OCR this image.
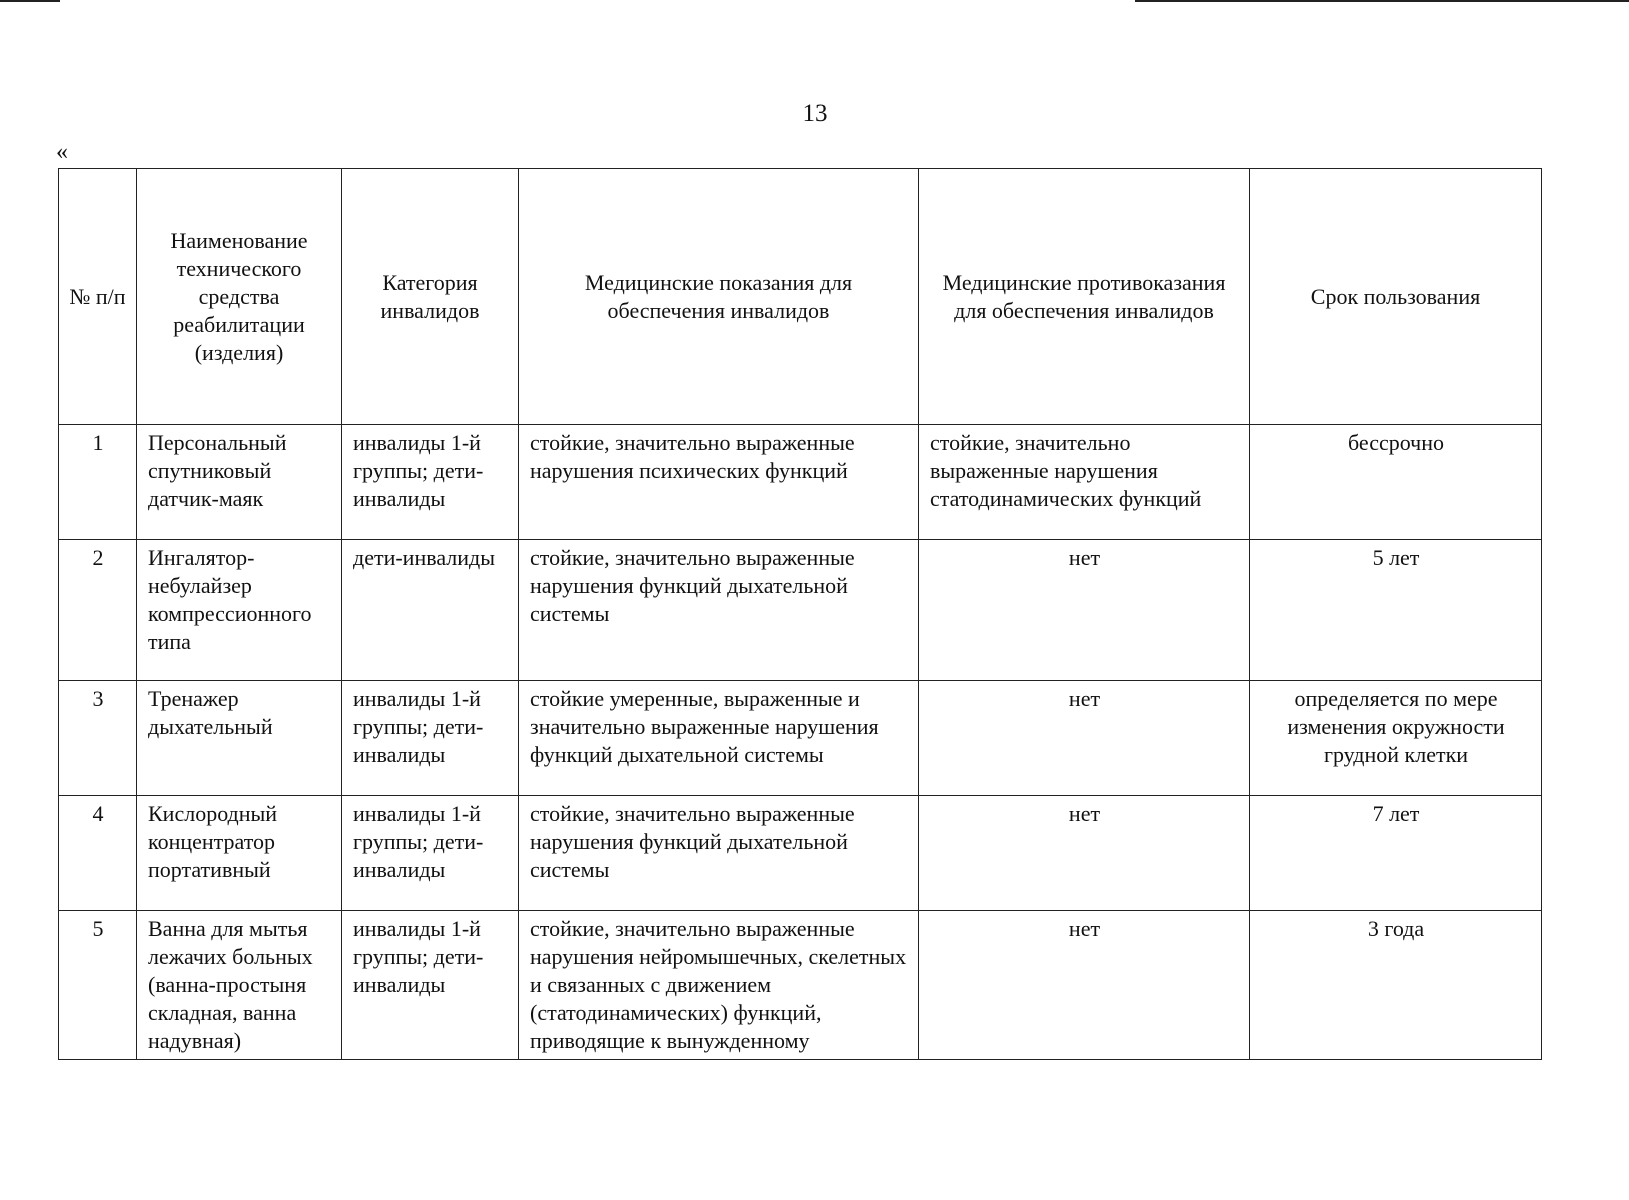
13
«
№ п/п	Наименование технического средства реабилитации (изделия)	Категория инвалидов	Медицинские показания для обеспечения инвалидов	Медицинские противоказания для обеспечения инвалидов	Срок пользования
1	Персональный спутниковый датчик-маяк	инвалиды 1-й группы; дети-инвалиды	стойкие, значительно выраженные нарушения психических функций	стойкие, значительно выраженные нарушения статодинамических функций	бессрочно
2	Ингалятор-небулайзер компрессионного типа	дети-инвалиды	стойкие, значительно выраженные нарушения функций дыхательной системы	нет	5 лет
3	Тренажер дыхательный	инвалиды 1-й группы; дети-инвалиды	стойкие умеренные, выраженные и значительно выраженные нарушения функций дыхательной системы	нет	определяется по мере изменения окружности грудной клетки
4	Кислородный концентратор портативный	инвалиды 1-й группы; дети-инвалиды	стойкие, значительно выраженные нарушения функций дыхательной системы	нет	7 лет
5	Ванна для мытья лежачих больных (ванна-простыня складная, ванна надувная)	инвалиды 1-й группы; дети-инвалиды	стойкие, значительно выраженные нарушения нейромышечных, скелетных и связанных с движением (статодинамических) функций, приводящие к вынужденному	нет	3 года
